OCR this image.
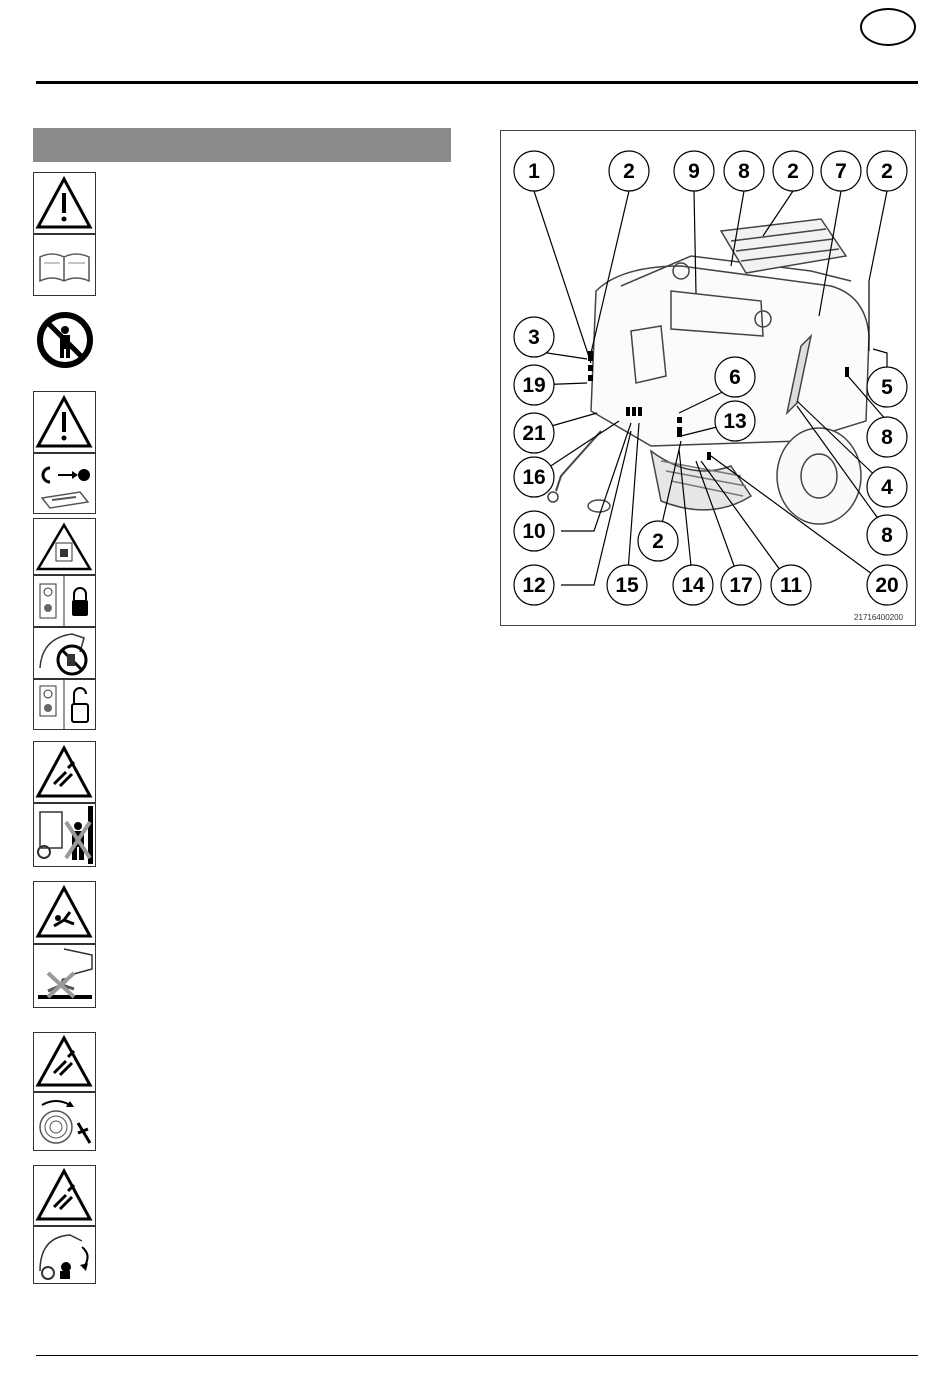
1	2	9 8 2 7 2
3
19	6	5
21
13
8
16	4
10	2	8
12	15 14 17 11	20
21716400200
